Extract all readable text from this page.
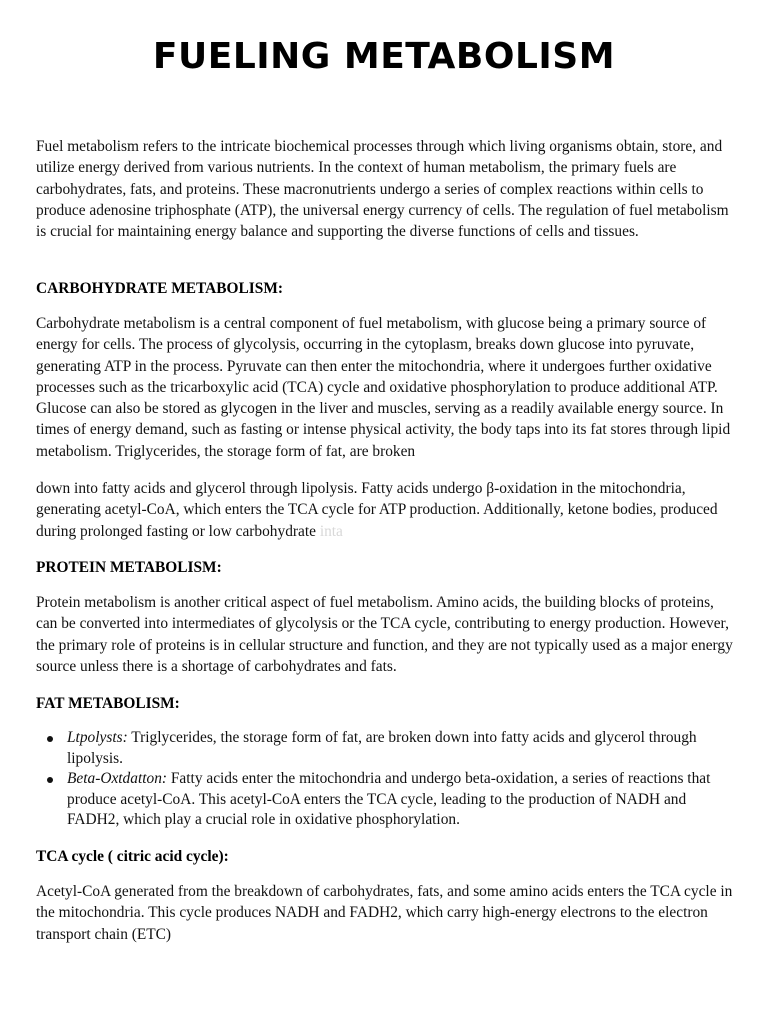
FUELING METABOLISM

Fuel metabolism refers to the intricate biochemical processes through which living organisms obtain, store, and utilize energy derived from various nutrients. In the context of human metabolism, the primary fuels are carbohydrates, fats, and proteins. These macronutrients undergo a series of complex reactions within cells to produce adenosine triphosphate (ATP), the universal energy currency of cells. The regulation of fuel metabolism is crucial for maintaining energy balance and supporting the diverse functions of cells and tissues.

CARBOHYDRATE METABOLISM:

Carbohydrate metabolism is a central component of fuel metabolism, with glucose being a primary source of energy for cells. The process of glycolysis, occurring in the cytoplasm, breaks down glucose into pyruvate, generating ATP in the process. Pyruvate can then enter the mitochondria, where it undergoes further oxidative processes such as the tricarboxylic acid (TCA) cycle and oxidative phosphorylation to produce additional ATP. Glucose can also be stored as glycogen in the liver and muscles, serving as a readily available energy source. In times of energy demand, such as fasting or intense physical activity, the body taps into its fat stores through lipid metabolism. Triglycerides, the storage form of fat, are broken

down into fatty acids and glycerol through lipolysis. Fatty acids undergo β-oxidation in the mitochondria, generating acetyl-CoA, which enters the TCA cycle for ATP production. Additionally, ketone bodies, produced during prolonged fasting or low carbohydrate inta

PROTEIN METABOLISM:

Protein metabolism is another critical aspect of fuel metabolism. Amino acids, the building blocks of proteins, can be converted into intermediates of glycolysis or the TCA cycle, contributing to energy production. However, the primary role of proteins is in cellular structure and function, and they are not typically used as a major energy source unless there is a shortage of carbohydrates and fats.

FAT METABOLISM:
Ltpolysts: Triglycerides, the storage form of fat, are broken down into fatty acids and glycerol through lipolysis.
Beta-Oxtdatton: Fatty acids enter the mitochondria and undergo beta-oxidation, a series of reactions that produce acetyl-CoA. This acetyl-CoA enters the TCA cycle, leading to the production of NADH and FADH2, which play a crucial role in oxidative phosphorylation.
TCA cycle ( citric acid cycle):

Acetyl-CoA generated from the breakdown of carbohydrates, fats, and some amino acids enters the TCA cycle in the mitochondria. This cycle produces NADH and FADH2, which carry high-energy electrons to the electron transport chain (ETC)
